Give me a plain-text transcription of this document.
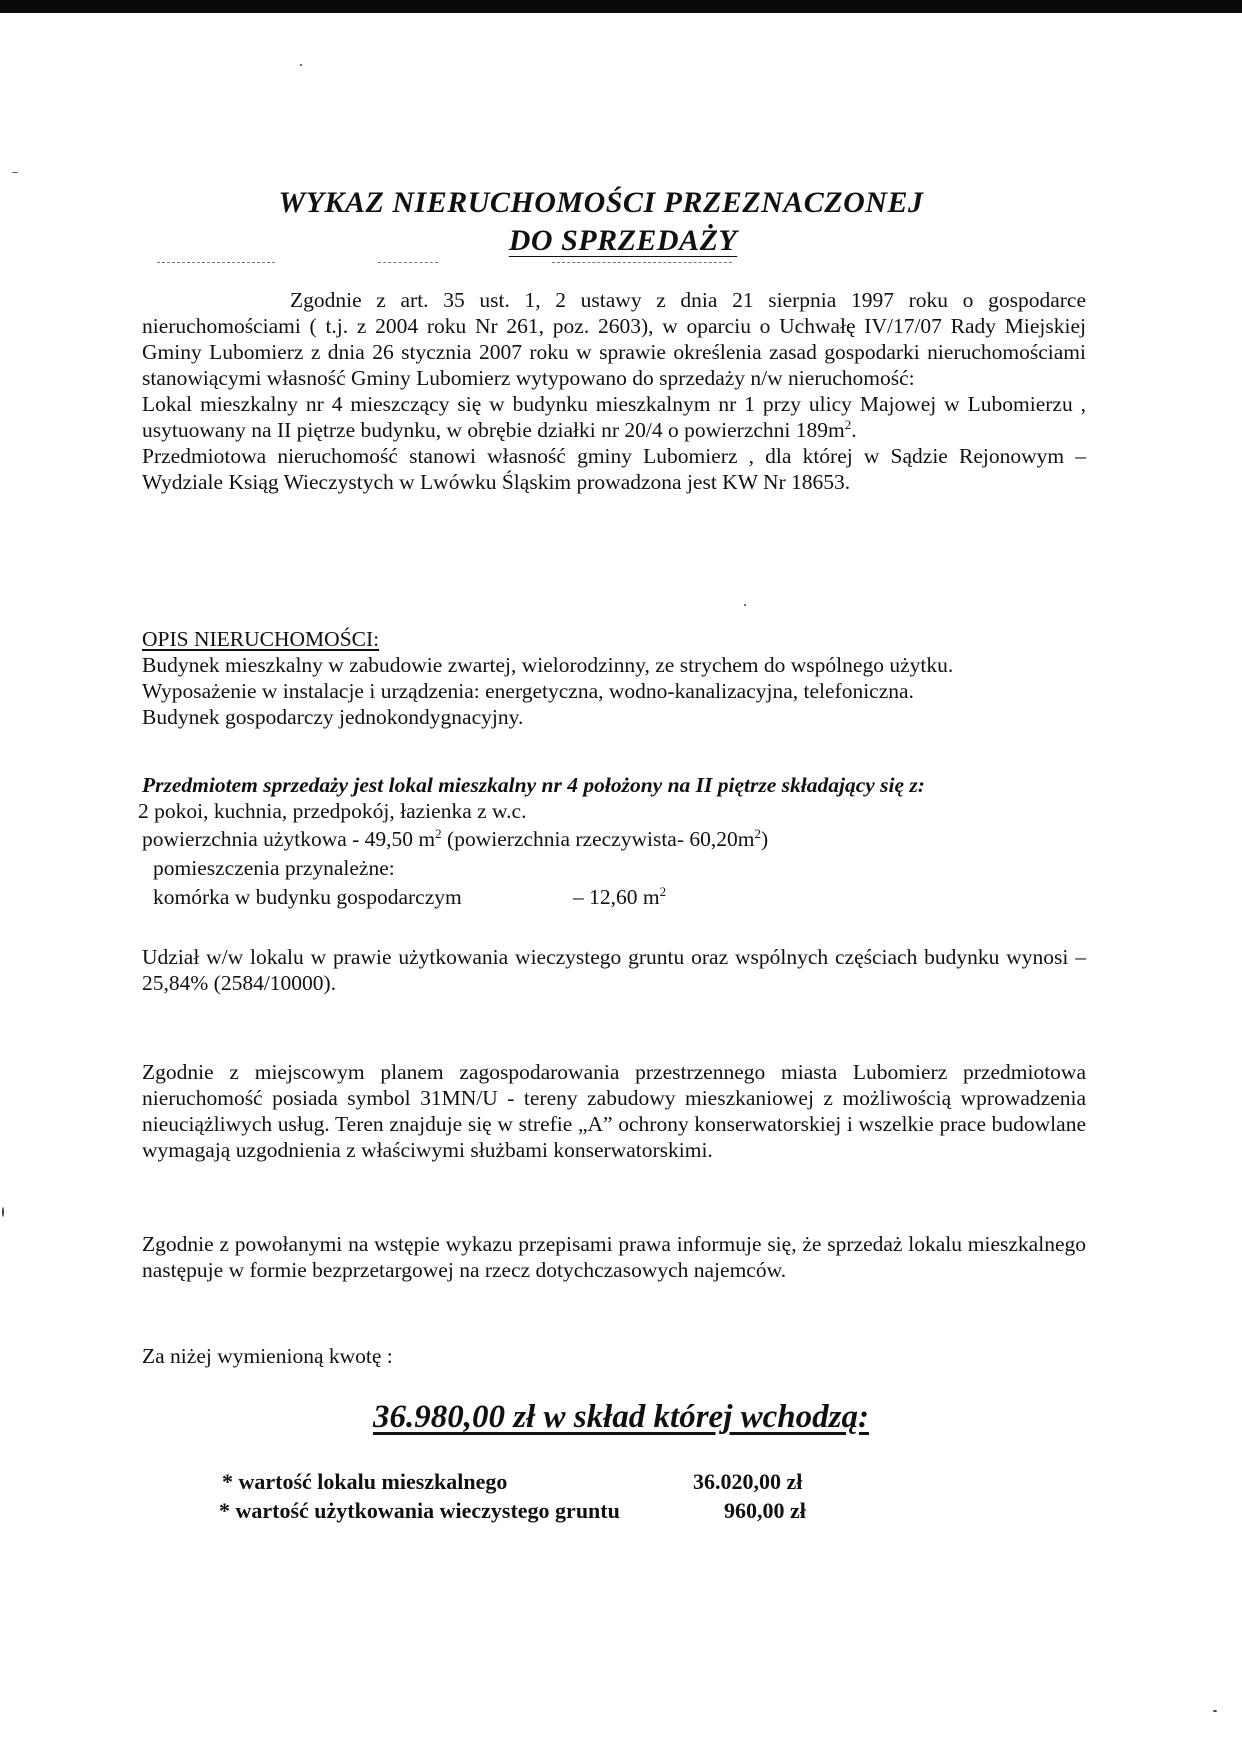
WYKAZ NIERUCHOMOŚCI PRZEZNACZONEJ
DO SPRZEDAŻY

Zgodnie z art. 35 ust. 1, 2 ustawy z dnia 21 sierpnia 1997 roku o gospodarce nieruchomościami ( t.j. z 2004 roku Nr 261, poz. 2603), w oparciu o Uchwałę IV/17/07 Rady Miejskiej Gminy Lubomierz z dnia 26 stycznia 2007 roku w sprawie określenia zasad gospodarki nieruchomościami stanowiącymi własność Gminy Lubomierz wytypowano do sprzedaży n/w nieruchomość:

Lokal mieszkalny nr 4 mieszczący się w budynku mieszkalnym nr 1 przy ulicy Majowej w Lubomierzu , usytuowany na II piętrze budynku, w obrębie działki nr 20/4 o powierzchni $189m^2$.

Przedmiotowa nieruchomość stanowi własność gminy Lubomierz , dla której w Sądzie Rejonowym – Wydziale Ksiąg Wieczystych w Lwówku Śląskim prowadzona jest KW Nr 18653.

OPIS NIERUCHOMOŚCI:

Budynek mieszkalny w zabudowie zwartej, wielorodzinny, ze strychem do wspólnego użytku.

Wyposażenie w instalacje i urządzenia: energetyczna, wodno-kanalizacyjna, telefoniczna.

Budynek gospodarczy jednokondygnacyjny.

Przedmiotem sprzedaży jest lokal mieszkalny nr 4 położony na II piętrze składający się z:
2 pokoi, kuchnia, przedpokój, łazienka z w.c.
powierzchnia użytkowa - 49,50 $m^2$ (powierzchnia rzeczywista- $60,20m^2$)
pomieszczenia przynależne:
komórka w budynku gospodarczym	– 12,60 $m^2$
Udział w/w lokalu w prawie użytkowania wieczystego gruntu oraz wspólnych częściach budynku wynosi – 25,84% (2584/10000).
Zgodnie z miejscowym planem zagospodarowania przestrzennego miasta Lubomierz przedmiotowa nieruchomość posiada symbol 31MN/U - tereny zabudowy mieszkaniowej z możliwością wprowadzenia nieuciążliwych usług. Teren znajduje się w strefie „A” ochrony konserwatorskiej i wszelkie prace budowlane wymagają uzgodnienia z właściwymi służbami konserwatorskimi.
Zgodnie z powołanymi na wstępie wykazu przepisami prawa informuje się, że sprzedaż lokalu mieszkalnego następuje w formie bezprzetargowej na rzecz dotychczasowych najemców.
Za niżej wymienioną kwotę :
36.980,00 zł w skład której wchodzą:
* wartość lokalu mieszkalnego	36.020,00 zł
* wartość użytkowania wieczystego gruntu	960,00 zł
